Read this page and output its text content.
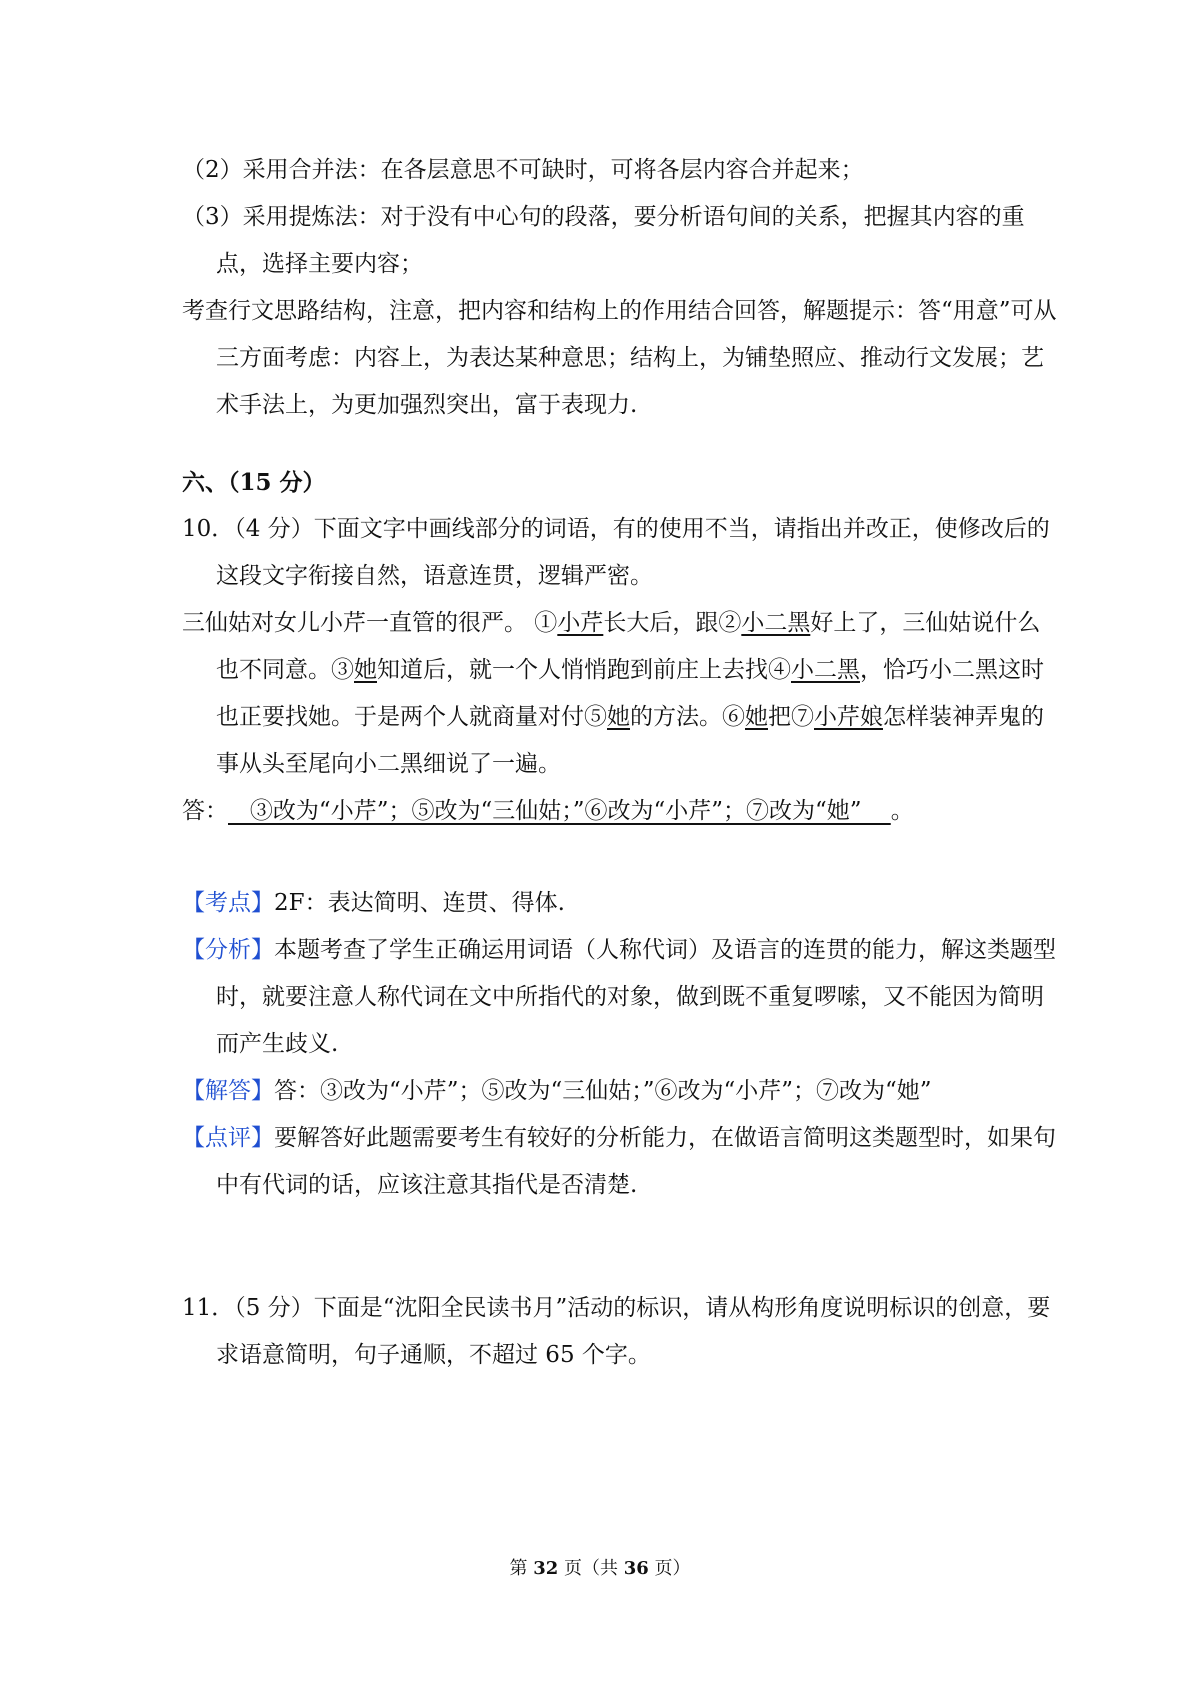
（2）采用合并法：在各层意思不可缺时，可将各层内容合并起来；
（3）采用提炼法：对于没有中心句的段落，要分析语句间的关系，把握其内容的重点，选择主要内容；
考查行文思路结构，注意，把内容和结构上的作用结合回答，解题提示：答“用意”可从三方面考虑：内容上，为表达某种意思；结构上，为铺垫照应、推动行文发展；艺术手法上，为更加强烈突出，富于表现力.
六、（15 分）
10．（4 分）下面文字中画线部分的词语，有的使用不当，请指出并改正，使修改后的这段文字衔接自然，语意连贯，逻辑严密。
三仙姑对女儿小芹一直管的很严。 ①小芹长大后，跟②小二黑好上了，三仙姑说什么也不同意。③她知道后，就一个人悄悄跑到前庄上去找④小二黑，恰巧小二黑这时也正要找她。于是两个人就商量对付⑤她的方法。⑥她把⑦小芹娘怎样装神弄鬼的事从头至尾向小二黑细说了一遍。
答：   ③改为“小芹”；⑤改为“三仙姑；”⑥改为“小芹”；⑦改为“她”    。
【考点】2F：表达简明、连贯、得体.
【分析】本题考查了学生正确运用词语（人称代词）及语言的连贯的能力，解这类题型时，就要注意人称代词在文中所指代的对象，做到既不重复啰嗦，又不能因为简明而产生歧义.
【解答】答：③改为“小芹”；⑤改为“三仙姑；”⑥改为“小芹”；⑦改为“她”
【点评】要解答好此题需要考生有较好的分析能力，在做语言简明这类题型时，如果句中有代词的话，应该注意其指代是否清楚.
11．（5 分）下面是“沈阳全民读书月”活动的标识，请从构形角度说明标识的创意，要求语意简明，句子通顺，不超过 65 个字。
第 32 页（共 36 页）
